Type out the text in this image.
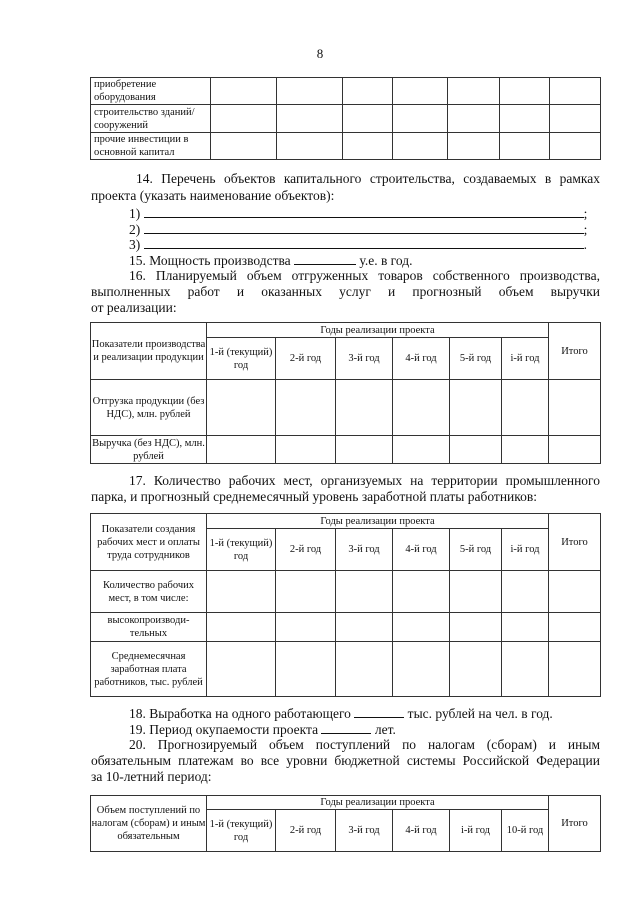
8
приобретение оборудования							
строительство зданий/сооружений							
прочие инвестиции в основной капитал							
14. Перечень объектов капитального строительства, создаваемых в рамках
проекта (указать наименование объектов):
1)	;
2)	;
3)	.
15. Мощность производства	у.е. в год.
16. Планируемый объем отгруженных товаров собственного производства,
выполненных работ и оказанных услуг и прогнозный объем выручки
от реализации:
Показатели производства и реализации продукции	Годы реализации проекта						Итого
	1-й (текущий) год	2-й год	3-й год	4-й год	5-й год	i-й год	
Отгрузка продукции (без НДС), млн. рублей							
Выручка (без НДС), млн. рублей							
17. Количество рабочих мест, организуемых на территории промышленного
парка, и прогнозный среднемесячный уровень заработной платы работников:
Показатели создания рабочих мест и оплаты труда сотрудников	Годы реализации проекта						Итого
	1-й (текущий) год	2-й год	3-й год	4-й год	5-й год	i-й год	
Количество рабочих мест, в том числе:							
высокопроизводи-тельных							
Среднемесячная заработная плата работников, тыс. рублей							
18. Выработка на одного работающего	тыс. рублей на чел. в год.
19. Период окупаемости проекта	лет.
20. Прогнозируемый объем поступлений по налогам (сборам) и иным
обязательным платежам во все уровни бюджетной системы Российской Федерации
за 10-летний период:
Объем поступлений по налогам (сборам) и иным обязательным	Годы реализации проекта						Итого
	1-й (текущий) год	2-й год	3-й год	4-й год	i-й год	10-й год	
